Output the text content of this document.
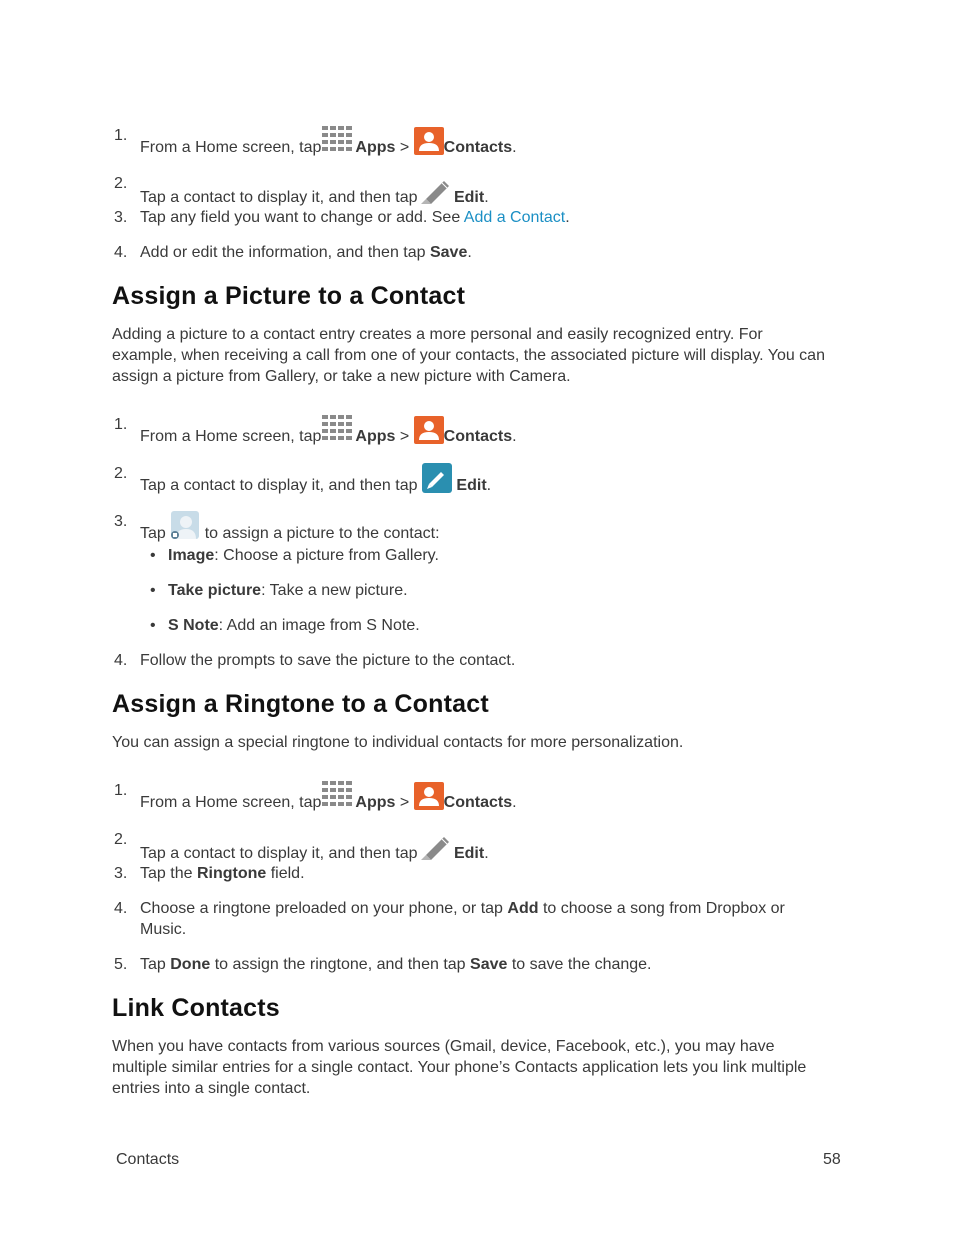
1.
From a Home screen, tap Apps > Contacts.
2.
Tap a contact to display it, and then tap Edit.
3. Tap any field you want to change or add. See Add a Contact.
4. Add or edit the information, and then tap Save.
Assign a Picture to a Contact
Adding a picture to a contact entry creates a more personal and easily recognized entry. For example, when receiving a call from one of your contacts, the associated picture will display. You can assign a picture from Gallery, or take a new picture with Camera.
1.
From a Home screen, tap Apps > Contacts.
2.
Tap a contact to display it, and then tap Edit.
3.
Tap to assign a picture to the contact:
• Image: Choose a picture from Gallery.
• Take picture: Take a new picture.
• S Note: Add an image from S Note.
4. Follow the prompts to save the picture to the contact.
Assign a Ringtone to a Contact
You can assign a special ringtone to individual contacts for more personalization.
1.
From a Home screen, tap Apps > Contacts.
2.
Tap a contact to display it, and then tap Edit.
3. Tap the Ringtone field.
4. Choose a ringtone preloaded on your phone, or tap Add to choose a song from Dropbox or Music.
5. Tap Done to assign the ringtone, and then tap Save to save the change.
Link Contacts
When you have contacts from various sources (Gmail, device, Facebook, etc.), you may have multiple similar entries for a single contact. Your phone’s Contacts application lets you link multiple entries into a single contact.
Contacts	58
